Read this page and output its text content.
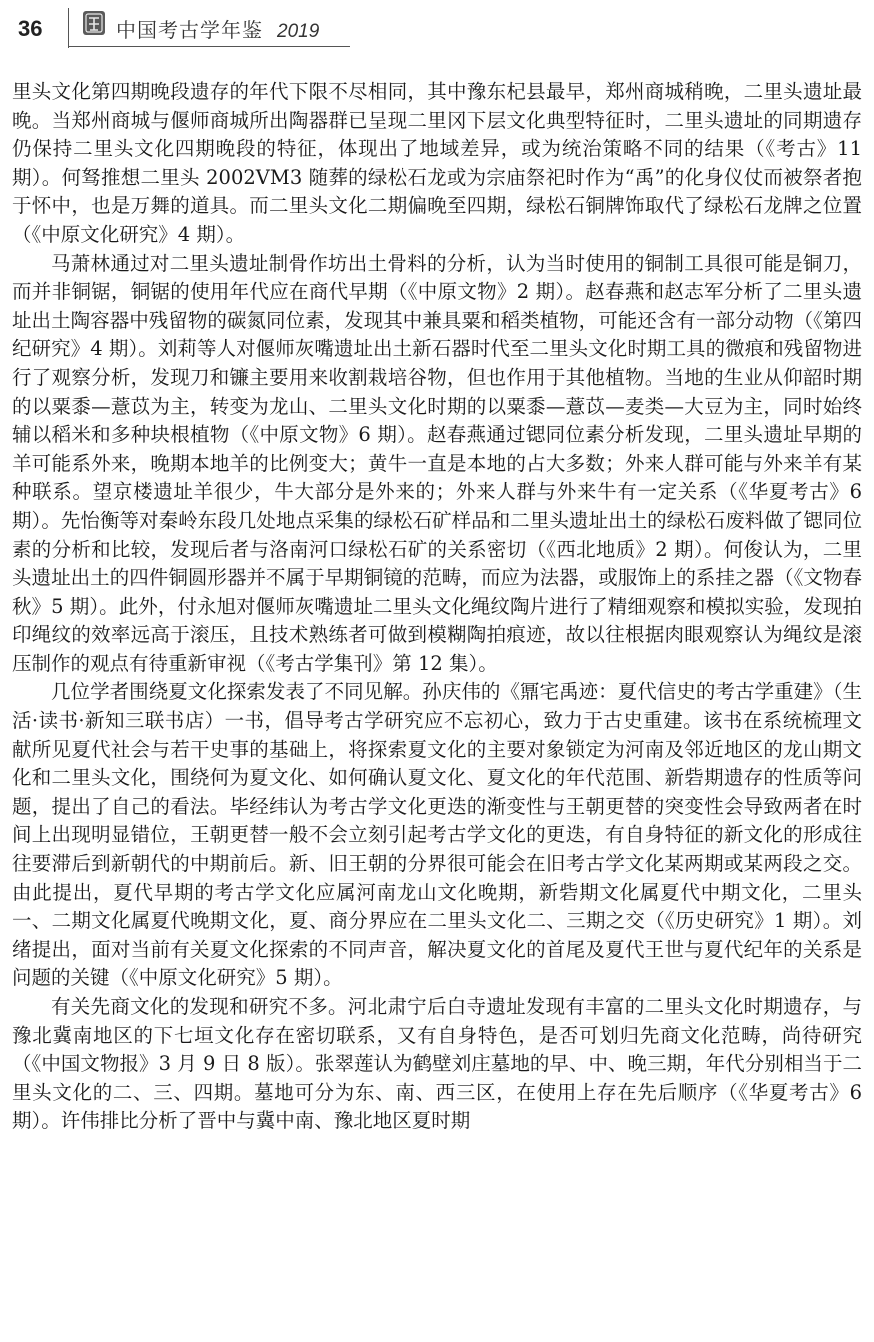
36	中国考古学年鉴 2019

里头文化第四期晚段遗存的年代下限不尽相同，其中豫东杞县最早，郑州商城稍晚，二里头遗址最晚。当郑州商城与偃师商城所出陶器群已呈现二里冈下层文化典型特征时，二里头遗址的同期遗存仍保持二里头文化四期晚段的特征，体现出了地域差异，或为统治策略不同的结果（《考古》11 期）。何驽推想二里头 2002VM3 随葬的绿松石龙或为宗庙祭祀时作为“禹”的化身仪仗而被祭者抱于怀中，也是万舞的道具。而二里头文化二期偏晚至四期，绿松石铜牌饰取代了绿松石龙牌之位置（《中原文化研究》4 期）。

马萧林通过对二里头遗址制骨作坊出土骨料的分析，认为当时使用的铜制工具很可能是铜刀，而并非铜锯，铜锯的使用年代应在商代早期（《中原文物》2 期）。赵春燕和赵志军分析了二里头遗址出土陶容器中残留物的碳氮同位素，发现其中兼具粟和稻类植物，可能还含有一部分动物（《第四纪研究》4 期）。刘莉等人对偃师灰嘴遗址出土新石器时代至二里头文化时期工具的微痕和残留物进行了观察分析，发现刀和镰主要用来收割栽培谷物，但也作用于其他植物。当地的生业从仰韶时期的以粟黍—薏苡为主，转变为龙山、二里头文化时期的以粟黍—薏苡—麦类—大豆为主，同时始终辅以稻米和多种块根植物（《中原文物》6 期）。赵春燕通过锶同位素分析发现，二里头遗址早期的羊可能系外来，晚期本地羊的比例变大；黄牛一直是本地的占大多数；外来人群可能与外来羊有某种联系。望京楼遗址羊很少，牛大部分是外来的；外来人群与外来牛有一定关系（《华夏考古》6 期）。先怡衡等对秦岭东段几处地点采集的绿松石矿样品和二里头遗址出土的绿松石废料做了锶同位素的分析和比较，发现后者与洛南河口绿松石矿的关系密切（《西北地质》2 期）。何俊认为，二里头遗址出土的四件铜圆形器并不属于早期铜镜的范畴，而应为法器，或服饰上的系挂之器（《文物春秋》5 期）。此外，付永旭对偃师灰嘴遗址二里头文化绳纹陶片进行了精细观察和模拟实验，发现拍印绳纹的效率远高于滚压，且技术熟练者可做到模糊陶拍痕迹，故以往根据肉眼观察认为绳纹是滚压制作的观点有待重新审视（《考古学集刊》第 12 集）。

几位学者围绕夏文化探索发表了不同见解。孙庆伟的《鼏宅禹迹：夏代信史的考古学重建》（生活·读书·新知三联书店）一书，倡导考古学研究应不忘初心，致力于古史重建。该书在系统梳理文献所见夏代社会与若干史事的基础上，将探索夏文化的主要对象锁定为河南及邻近地区的龙山期文化和二里头文化，围绕何为夏文化、如何确认夏文化、夏文化的年代范围、新砦期遗存的性质等问题，提出了自己的看法。毕经纬认为考古学文化更迭的渐变性与王朝更替的突变性会导致两者在时间上出现明显错位，王朝更替一般不会立刻引起考古学文化的更迭，有自身特征的新文化的形成往往要滞后到新朝代的中期前后。新、旧王朝的分界很可能会在旧考古学文化某两期或某两段之交。由此提出，夏代早期的考古学文化应属河南龙山文化晚期，新砦期文化属夏代中期文化，二里头一、二期文化属夏代晚期文化，夏、商分界应在二里头文化二、三期之交（《历史研究》1 期）。刘绪提出，面对当前有关夏文化探索的不同声音，解决夏文化的首尾及夏代王世与夏代纪年的关系是问题的关键（《中原文化研究》5 期）。

有关先商文化的发现和研究不多。河北肃宁后白寺遗址发现有丰富的二里头文化时期遗存，与豫北冀南地区的下七垣文化存在密切联系，又有自身特色，是否可划归先商文化范畴，尚待研究（《中国文物报》3 月 9 日 8 版）。张翠莲认为鹤壁刘庄墓地的早、中、晚三期，年代分别相当于二里头文化的二、三、四期。墓地可分为东、南、西三区，在使用上存在先后顺序（《华夏考古》6 期）。许伟排比分析了晋中与冀中南、豫北地区夏时期
